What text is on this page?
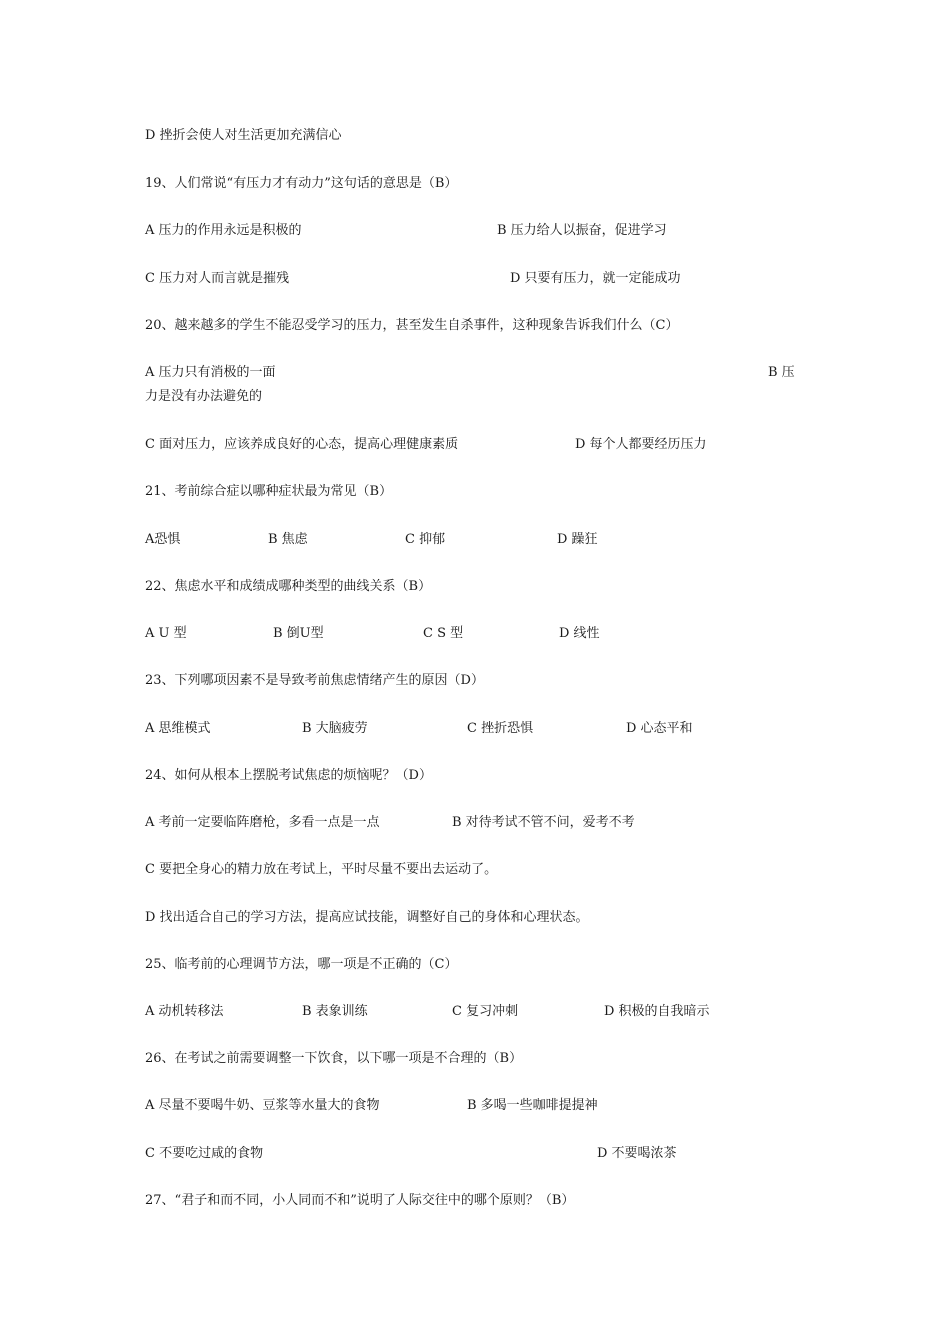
D 挫折会使人对生活更加充满信心
19、人们常说“有压力才有动力”这句话的意思是（B）
A 压力的作用永远是积极的	B 压力给人以振奋，促进学习
C 压力对人而言就是摧残	D 只要有压力，就一定能成功
20、越来越多的学生不能忍受学习的压力，甚至发生自杀事件，这种现象告诉我们什么（C）
A 压力只有消极的一面	B 压
力是没有办法避免的
C 面对压力，应该养成良好的心态，提高心理健康素质	D 每个人都要经历压力
21、考前综合症以哪种症状最为常见（B）
A恐惧	B 焦虑	C 抑郁	D 躁狂
22、焦虑水平和成绩成哪种类型的曲线关系（B）
A U 型	B 倒U型	C S 型	D 线性
23、下列哪项因素不是导致考前焦虑情绪产生的原因（D）
A 思维模式	B 大脑疲劳	C 挫折恐惧	D 心态平和
24、如何从根本上摆脱考试焦虑的烦恼呢？（D）
A 考前一定要临阵磨枪，多看一点是一点	B 对待考试不管不问，爱考不考
C 要把全身心的精力放在考试上，平时尽量不要出去运动了。
D 找出适合自己的学习方法，提高应试技能，调整好自己的身体和心理状态。
25、临考前的心理调节方法，哪一项是不正确的（C）
A 动机转移法	B 表象训练	C 复习冲刺	D 积极的自我暗示
26、在考试之前需要调整一下饮食，以下哪一项是不合理的（B）
A 尽量不要喝牛奶、豆浆等水量大的食物	B 多喝一些咖啡提提神
C 不要吃过咸的食物	D 不要喝浓茶
27、“君子和而不同，小人同而不和”说明了人际交往中的哪个原则？（B）
